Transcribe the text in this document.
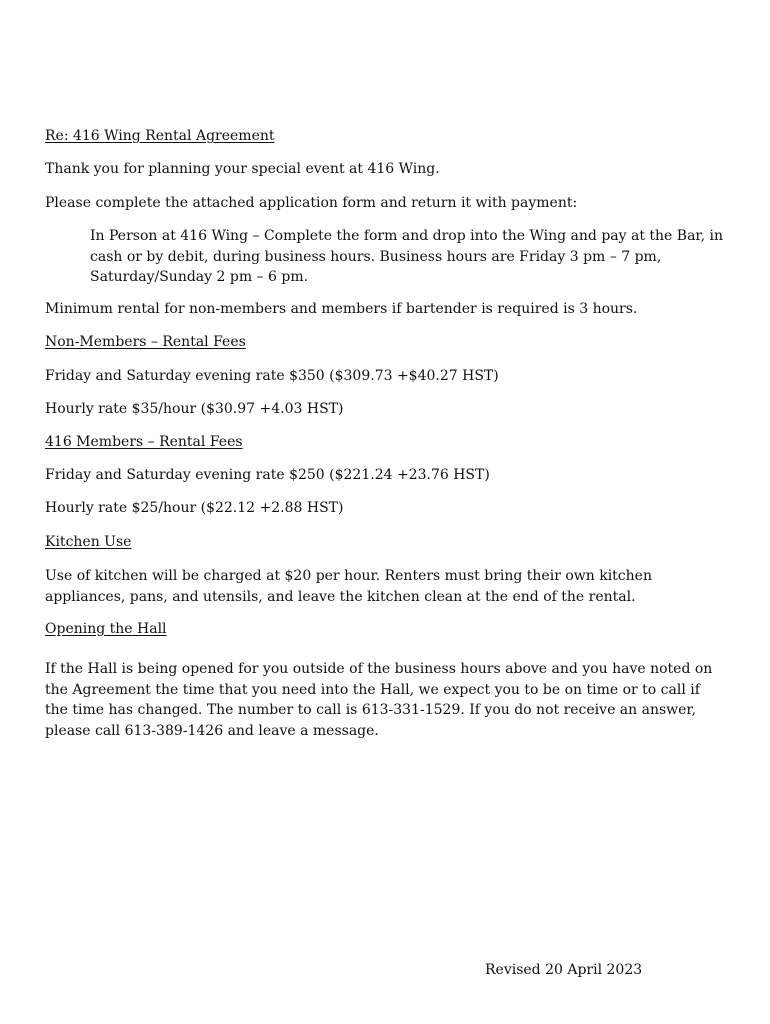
Re: 416 Wing Rental Agreement

Thank you for planning your special event at 416 Wing.

Please complete the attached application form and return it with payment:

In Person at 416 Wing – Complete the form and drop into the Wing and pay at the Bar, in cash or by debit, during business hours. Business hours are Friday 3 pm – 7 pm, Saturday/Sunday 2 pm – 6 pm.

Minimum rental for non-members and members if bartender is required is 3 hours.

Non-Members – Rental Fees

Friday and Saturday evening rate $350 ($309.73 +$40.27 HST)

Hourly rate $35/hour ($30.97 +4.03 HST)

416 Members – Rental Fees

Friday and Saturday evening rate $250 ($221.24 +23.76 HST)

Hourly rate $25/hour ($22.12 +2.88 HST)

Kitchen Use

Use of kitchen will be charged at $20 per hour. Renters must bring their own kitchen appliances, pans, and utensils, and leave the kitchen clean at the end of the rental.

Opening the Hall

If the Hall is being opened for you outside of the business hours above and you have noted on the Agreement the time that you need into the Hall, we expect you to be on time or to call if the time has changed. The number to call is 613-331-1529. If you do not receive an answer, please call 613-389-1426 and leave a message.

Revised 20 April 2023
